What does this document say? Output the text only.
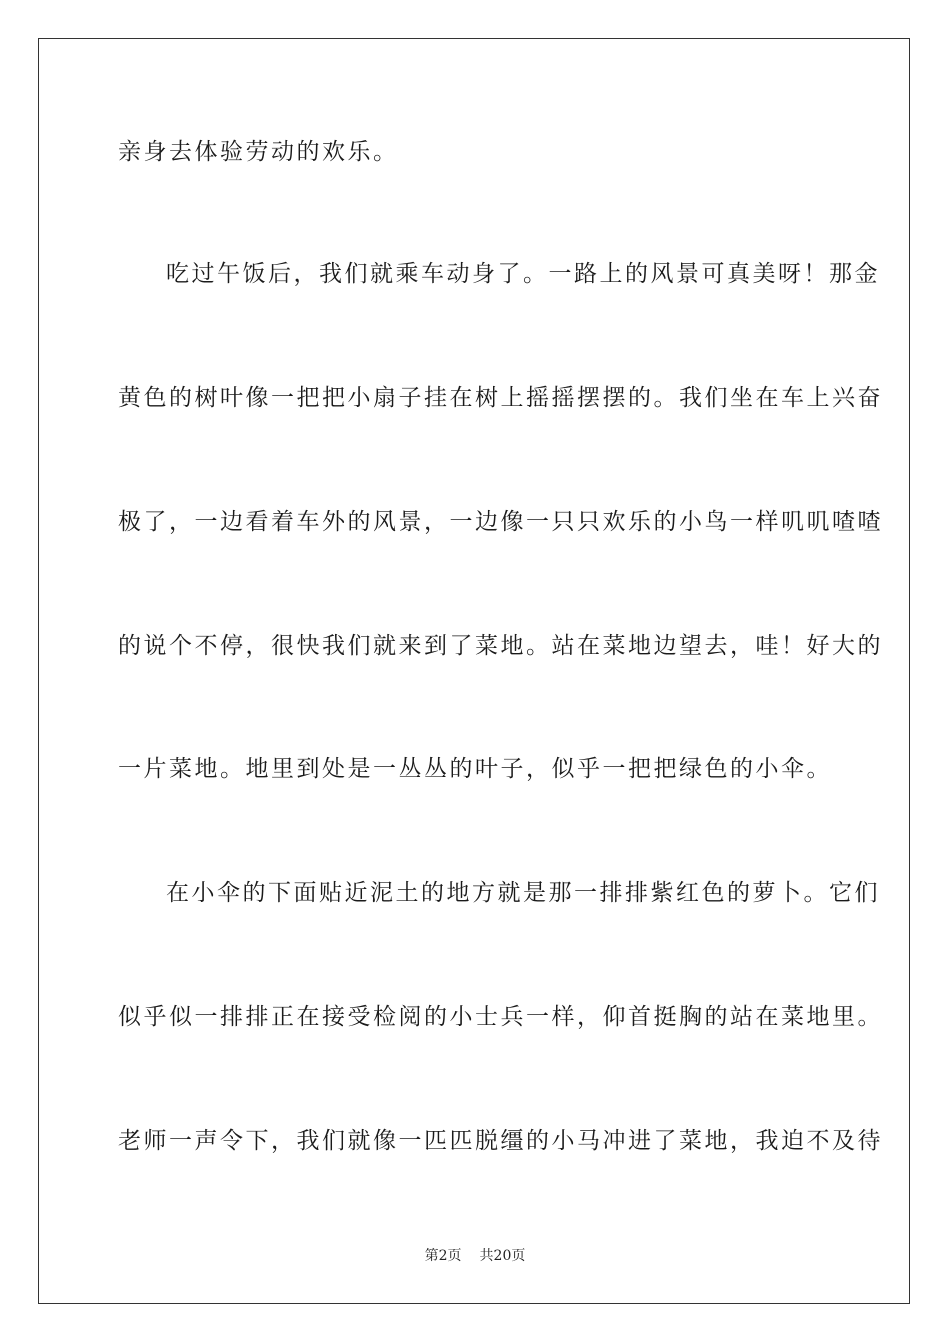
亲身去体验劳动的欢乐。
吃过午饭后，我们就乘车动身了。一路上的风景可真美呀！那金
黄色的树叶像一把把小扇子挂在树上摇摇摆摆的。我们坐在车上兴奋
极了，一边看着车外的风景，一边像一只只欢乐的小鸟一样叽叽喳喳
的说个不停，很快我们就来到了菜地。站在菜地边望去，哇！好大的
一片菜地。地里到处是一丛丛的叶子，似乎一把把绿色的小伞。
在小伞的下面贴近泥土的地方就是那一排排紫红色的萝卜。它们
似乎似一排排正在接受检阅的小士兵一样，仰首挺胸的站在菜地里。
老师一声令下，我们就像一匹匹脱缰的小马冲进了菜地，我迫不及待
第2页 共20页
